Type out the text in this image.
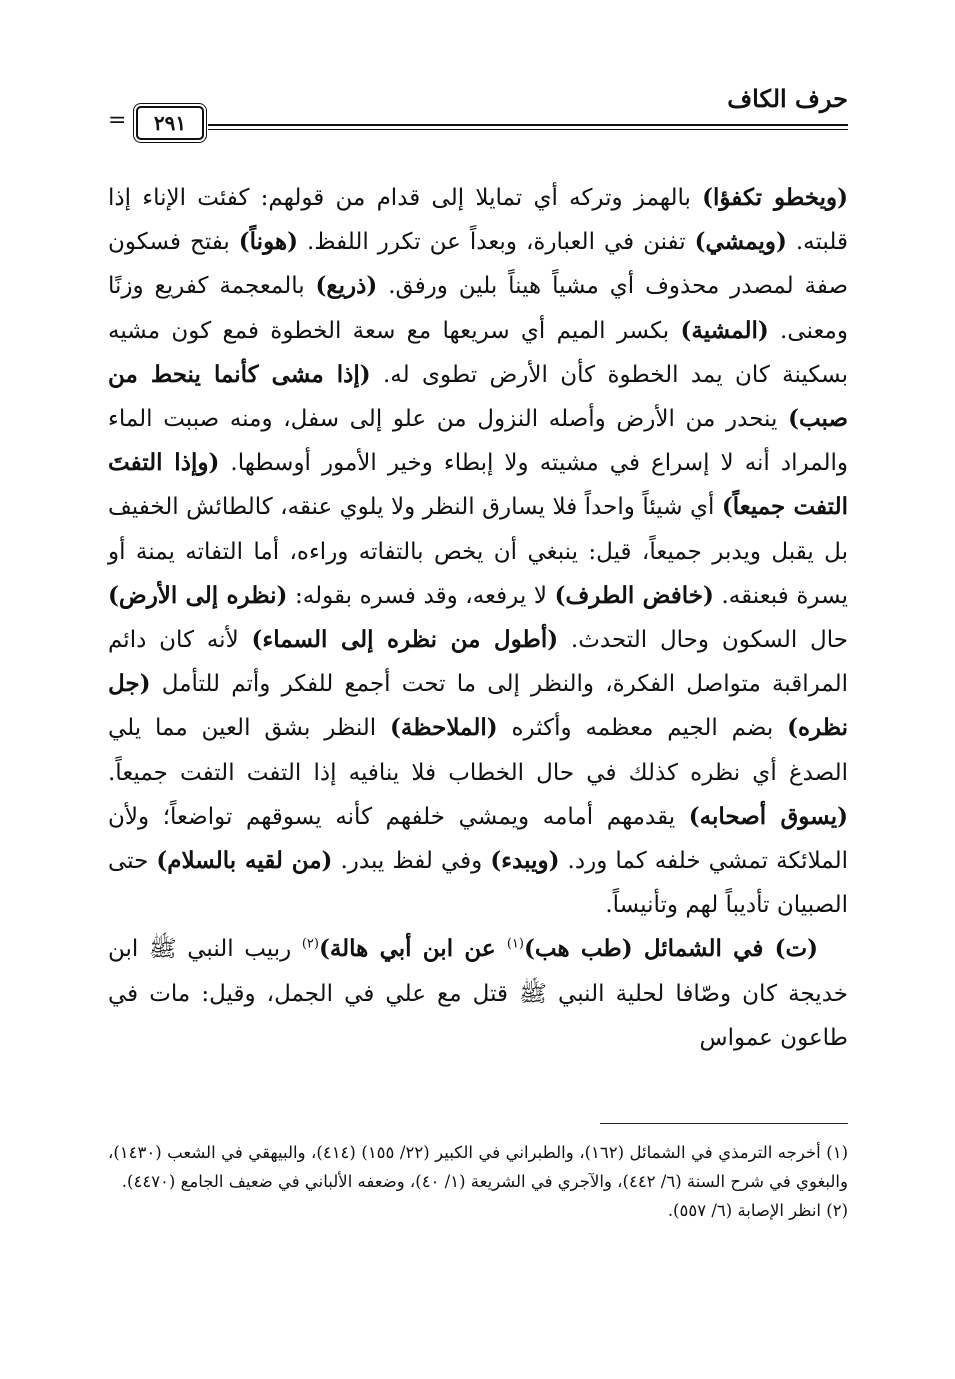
حرف الكاف
٢٩١
=

(ويخطو تكفؤا) بالهمز وتركه أي تمايلا إلى قدام من قولهم: كفئت الإناء إذا قلبته. (ويمشي) تفنن في العبارة، وبعداً عن تكرر اللفظ. (هوناً) بفتح فسكون صفة لمصدر محذوف أي مشياً هيناً بلين ورفق. (ذريع) بالمعجمة كفريع وزنًا ومعنى. (المشية) بكسر الميم أي سريعها مع سعة الخطوة فمع كون مشيه بسكينة كان يمد الخطوة كأن الأرض تطوى له. (إذا مشى كأنما ينحط من صبب) ينحدر من الأرض وأصله النزول من علو إلى سفل، ومنه صببت الماء والمراد أنه لا إسراع في مشيته ولا إبطاء وخير الأمور أوسطها. (وإذا التفتَ التفت جميعاً) أي شيئاً واحداً فلا يسارق النظر ولا يلوي عنقه، كالطائش الخفيف بل يقبل ويدبر جميعاً، قيل: ينبغي أن يخص بالتفاته وراءه، أما التفاته يمنة أو يسرة فبعنقه. (خافض الطرف) لا يرفعه، وقد فسره بقوله: (نظره إلى الأرض) حال السكون وحال التحدث. (أطول من نظره إلى السماء) لأنه كان دائم المراقبة متواصل الفكرة، والنظر إلى ما تحت أجمع للفكر وأتم للتأمل (جل نظره) بضم الجيم معظمه وأكثره (الملاحظة) النظر بشق العين مما يلي الصدغ أي نظره كذلك في حال الخطاب فلا ينافيه إذا التفت التفت جميعاً. (يسوق أصحابه) يقدمهم أمامه ويمشي خلفهم كأنه يسوقهم تواضعاً؛ ولأن الملائكة تمشي خلفه كما ورد. (ويبدء) وفي لفظ يبدر. (من لقيه بالسلام) حتى الصبيان تأدیباً لهم وتأنيساً.

(ت) في الشمائل (طب هب)$^{(١)}$ عن ابن أبي هالة)$^{(٢)}$ ربيب النبي ﷺ ابن خديجة كان وصّافا لحلية النبي ﷺ قتل مع علي في الجمل، وقيل: مات في طاعون عمواس

(١) أخرجه الترمذي في الشمائل (١٦٢)، والطبراني في الكبير (٢٢/ ١٥٥) (٤١٤)، والبيهقي في الشعب (١٤٣٠)، والبغوي في شرح السنة (٦/ ٤٤٢)، والآجري في الشريعة (١/ ٤٠)، وضعفه الألباني في ضعيف الجامع (٤٤٧٠).

(٢) انظر الإصابة (٦/ ٥٥٧).
